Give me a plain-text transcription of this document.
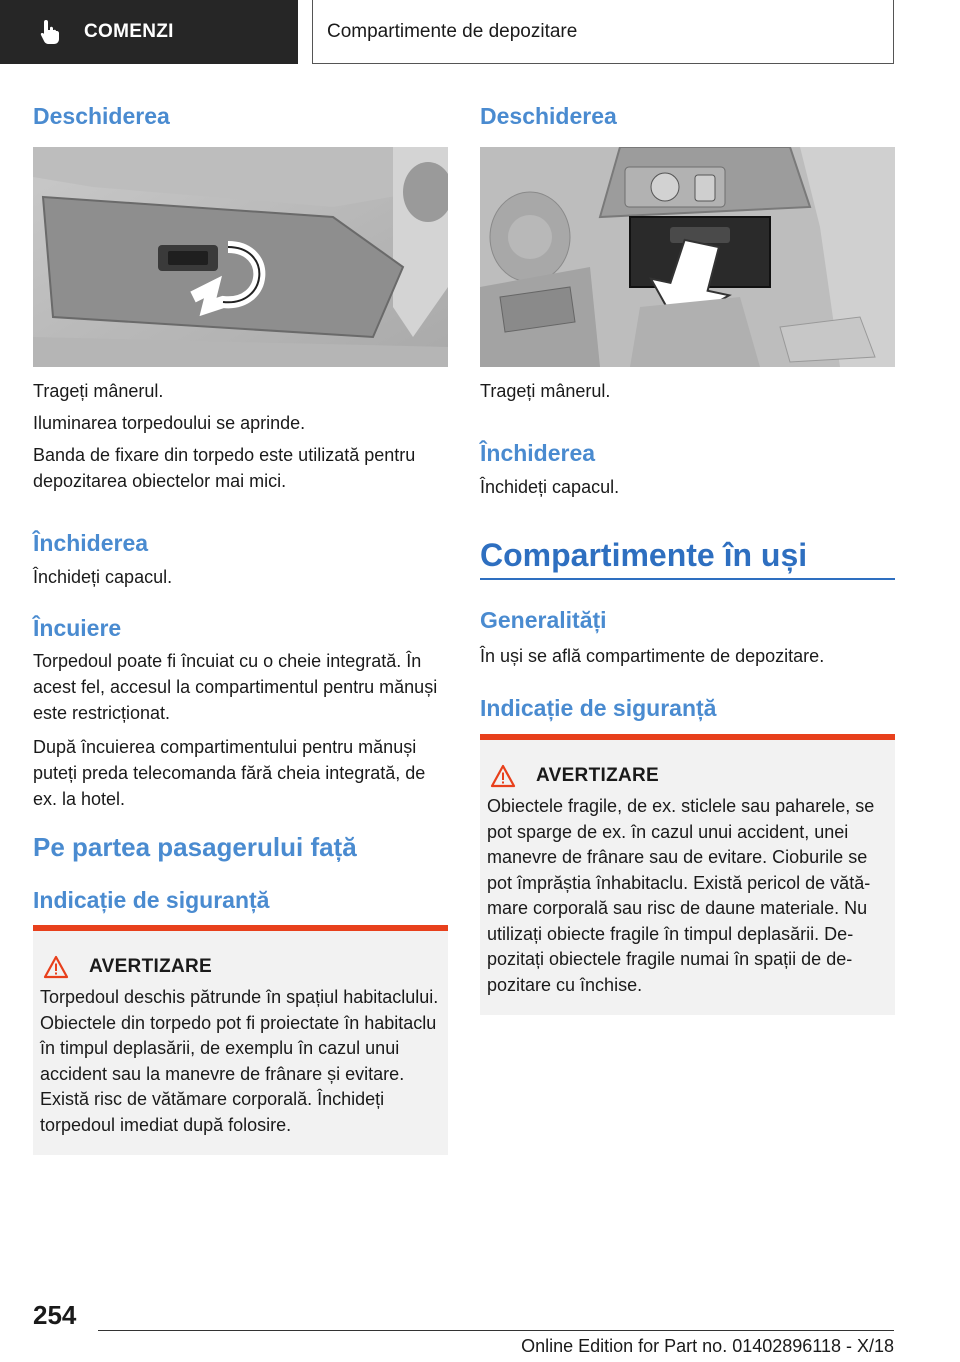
COMENZI	Compartimente de depozitare
Deschiderea

Trageți mânerul.

Iluminarea torpedoului se aprinde.

Banda de fixare din torpedo este utilizată pentru depozitarea obiectelor mai mici.

Închiderea

Închideți capacul.

Încuiere

Torpedoul poate fi încuiat cu o cheie integrată. În acest fel, accesul la compartimentul pentru mănuși este restricționat.

După încuierea compartimentului pentru mănuși puteți preda telecomanda fără cheia integrată, de ex. la hotel.

Pe partea pasagerului față
Indicație de siguranță
AVERTIZARE

Torpedoul deschis pătrunde în spațiul habitaclului. Obiectele din torpedo pot fi proiectate în habitaclu în timpul deplasării, de exemplu în cazul unui accident sau la manevre de frânare și evitare. Există risc de vătămare corporală. Închideți torpedoul imediat după folosire.

Deschiderea

Trageți mânerul.

Închiderea

Închideți capacul.

Compartimente în uși
Generalități

În uși se află compartimente de depozitare.

Indicație de siguranță
AVERTIZARE

Obiectele fragile, de ex. sticlele sau paharele, se pot sparge de ex. în cazul unui accident, unei manevre de frânare sau de evitare. Cioburile se pot împrăștia înhabitaclu. Există pericol de vătămare corporală sau risc de daune materiale. Nu utilizați obiecte fragile în timpul deplasării. Depozitați obiectele fragile numai în spații de depozitare cu închise.

254
Online Edition for Part no. 01402896118 - X/18
